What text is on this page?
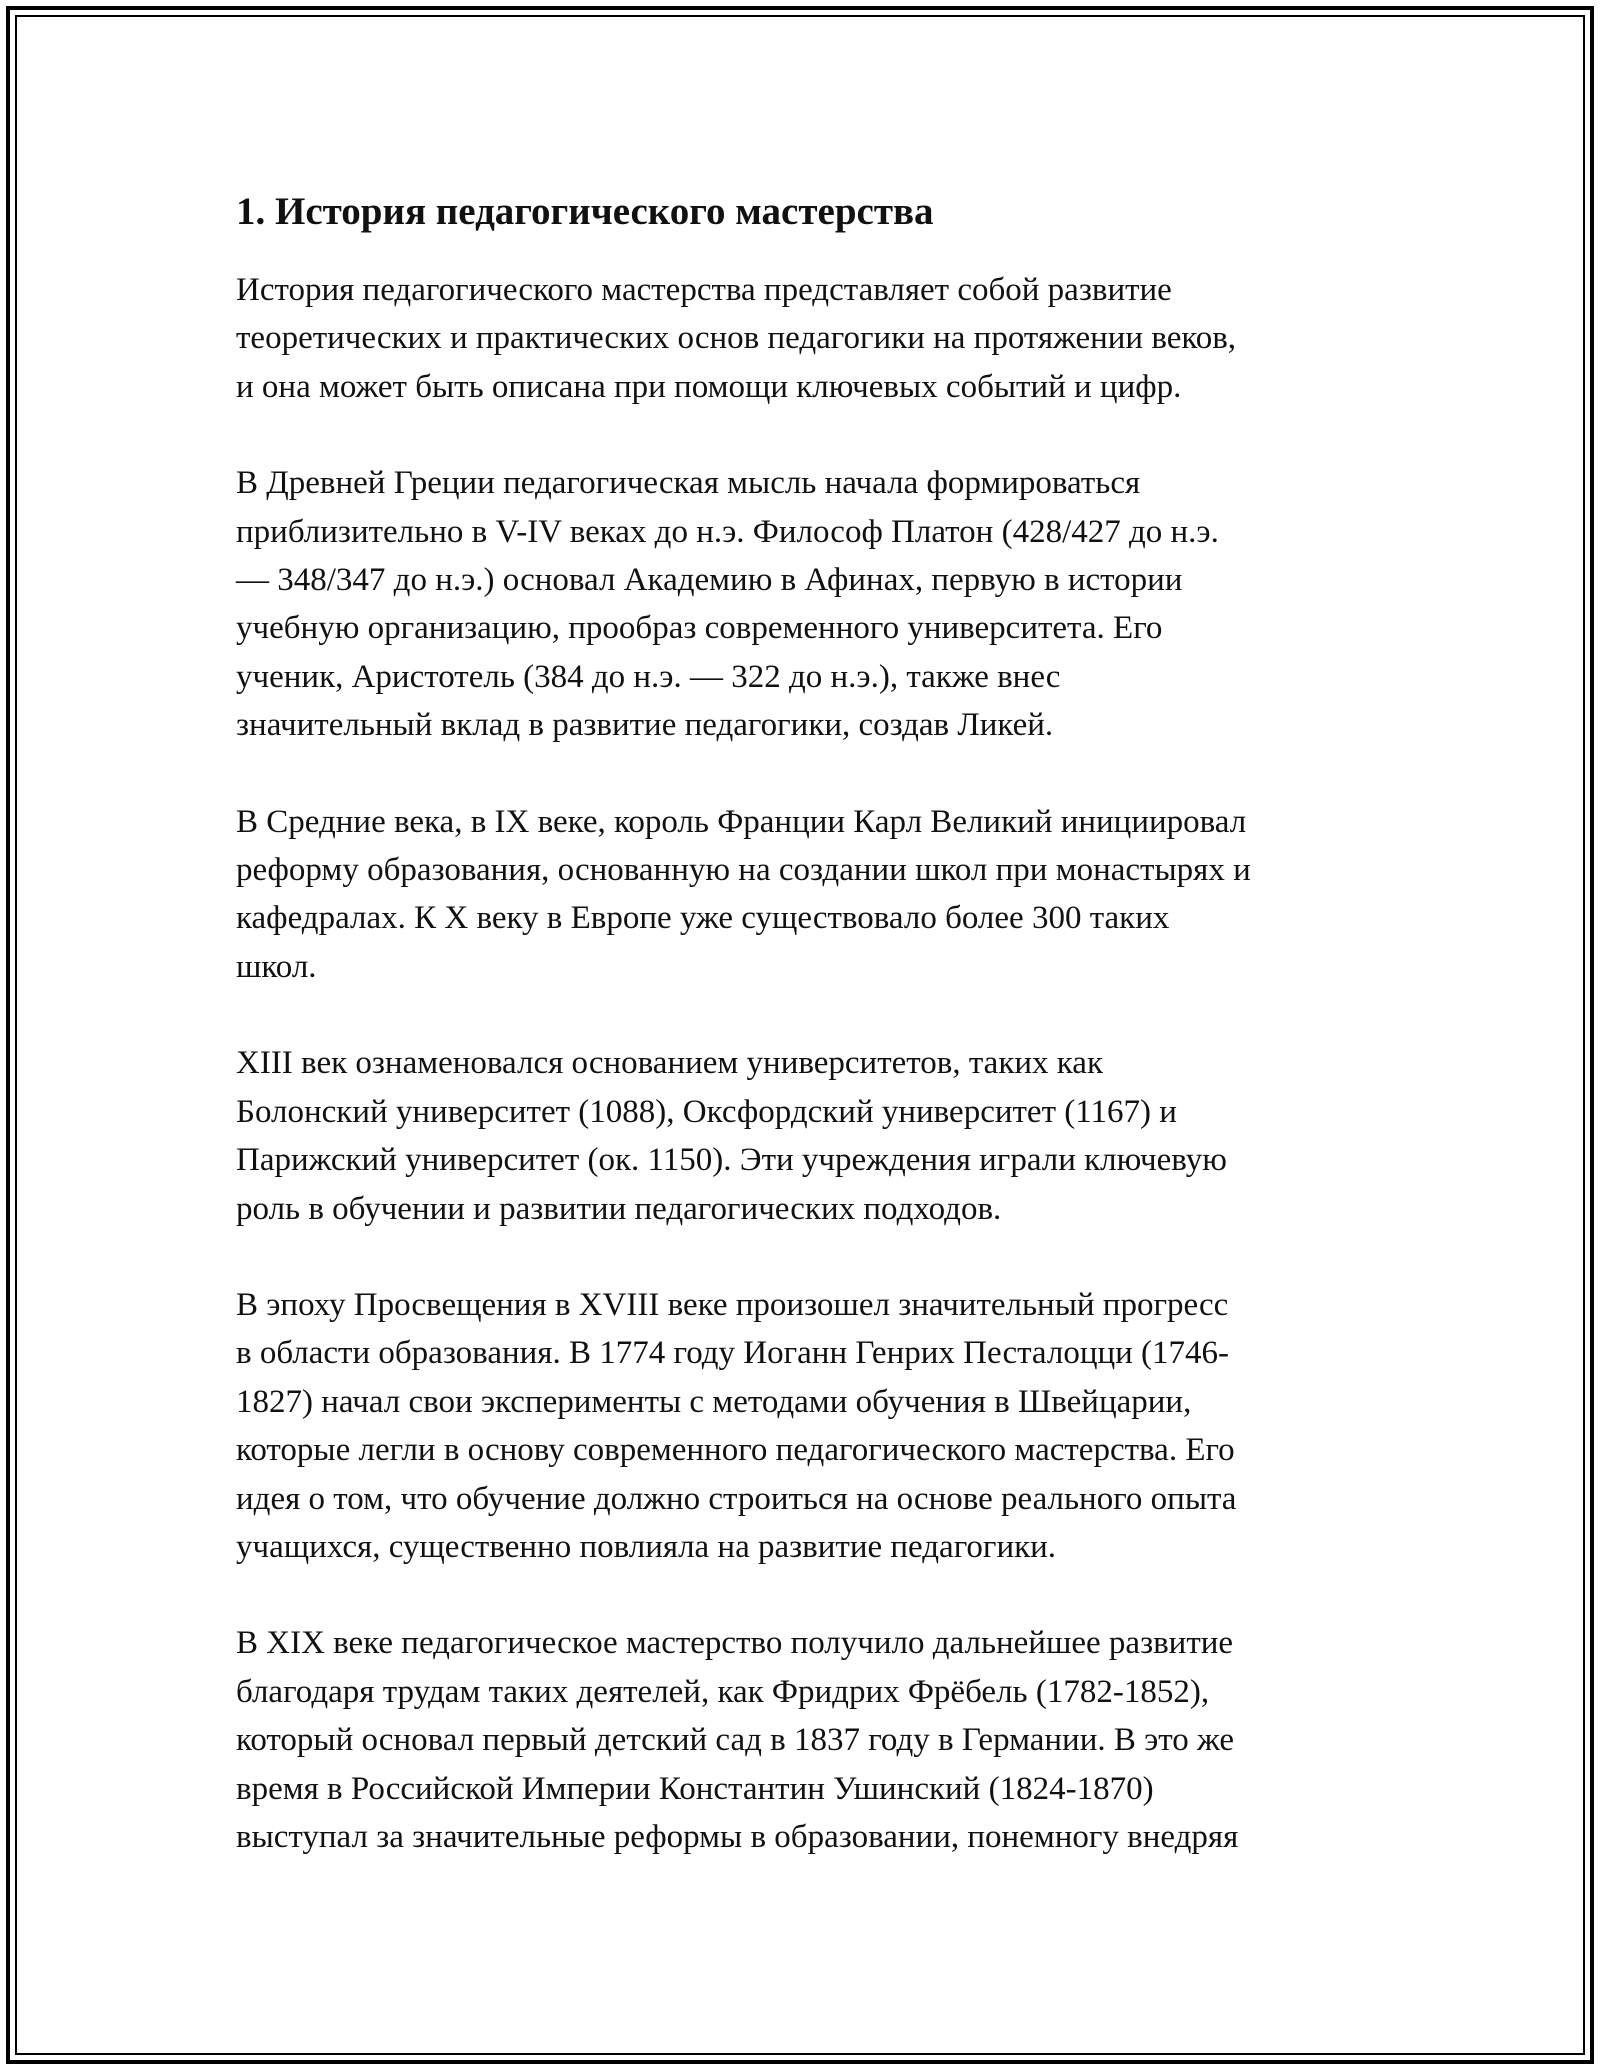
1. История педагогического мастерства

История педагогического мастерства представляет собой развитие
теоретических и практических основ педагогики на протяжении веков,
и она может быть описана при помощи ключевых событий и цифр.

В Древней Греции педагогическая мысль начала формироваться
приблизительно в V-IV веках до н.э. Философ Платон (428/427 до н.э.
— 348/347 до н.э.) основал Академию в Афинах, первую в истории
учебную организацию, прообраз современного университета. Его
ученик, Аристотель (384 до н.э. — 322 до н.э.), также внес
значительный вклад в развитие педагогики, создав Ликей.

В Средние века, в IX веке, король Франции Карл Великий инициировал
реформу образования, основанную на создании школ при монастырях и
кафедралах. К X веку в Европе уже существовало более 300 таких
школ.

XIII век ознаменовался основанием университетов, таких как
Болонский университет (1088), Оксфордский университет (1167) и
Парижский университет (ок. 1150). Эти учреждения играли ключевую
роль в обучении и развитии педагогических подходов.

В эпоху Просвещения в XVIII веке произошел значительный прогресс
в области образования. В 1774 году Иоганн Генрих Песталоцци (1746-
1827) начал свои эксперименты с методами обучения в Швейцарии,
которые легли в основу современного педагогического мастерства. Его
идея о том, что обучение должно строиться на основе реального опыта
учащихся, существенно повлияла на развитие педагогики.

В XIX веке педагогическое мастерство получило дальнейшее развитие
благодаря трудам таких деятелей, как Фридрих Фрёбель (1782-1852),
который основал первый детский сад в 1837 году в Германии. В это же
время в Российской Империи Константин Ушинский (1824-1870)
выступал за значительные реформы в образовании, понемногу внедряя
